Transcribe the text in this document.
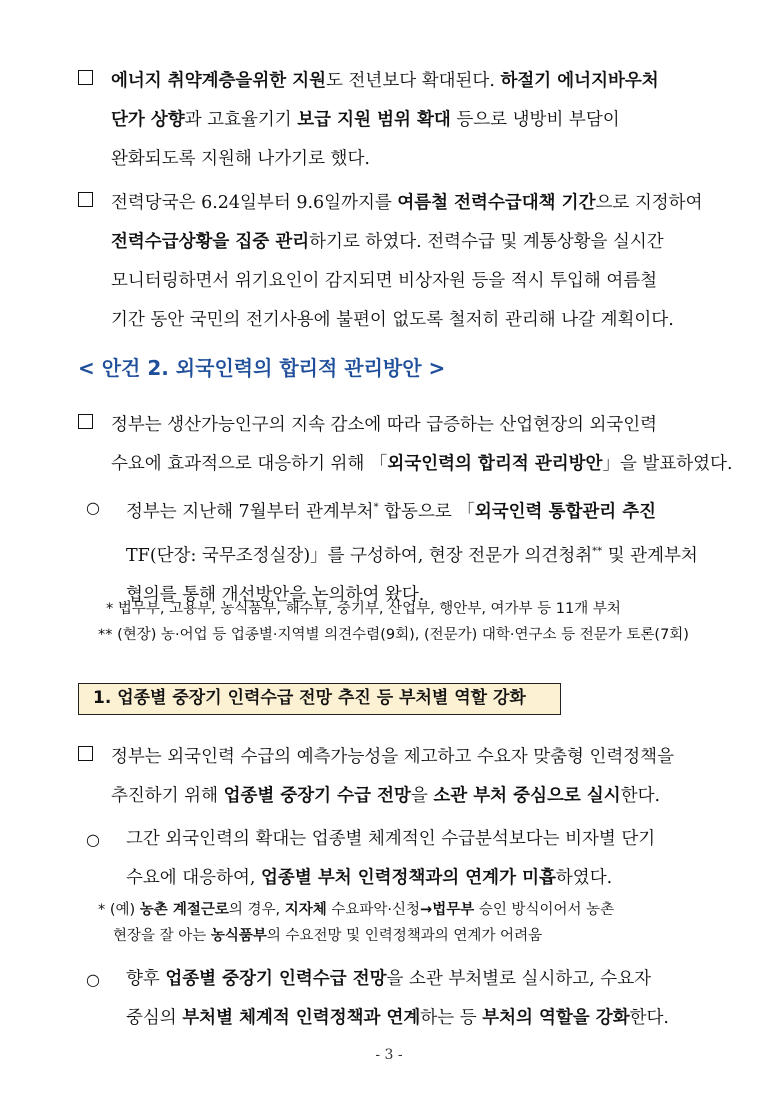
에너지 취약계층을위한 지원도 전년보다 확대된다. 하절기 에너지바우처
단가 상향과 고효율기기 보급 지원 범위 확대 등으로 냉방비 부담이
완화되도록 지원해 나가기로 했다.
전력당국은 6.24일부터 9.6일까지를 여름철 전력수급대책 기간으로 지정하여
전력수급상황을 집중 관리하기로 하였다. 전력수급 및 계통상황을 실시간
모니터링하면서 위기요인이 감지되면 비상자원 등을 적시 투입해 여름철
기간 동안 국민의 전기사용에 불편이 없도록 철저히 관리해 나갈 계획이다.
< 안건 2. 외국인력의 합리적 관리방안 >
정부는 생산가능인구의 지속 감소에 따라 급증하는 산업현장의 외국인력
수요에 효과적으로 대응하기 위해 「외국인력의 합리적 관리방안」을 발표하였다.
○ 정부는 지난해 7월부터 관계부처* 합동으로 「외국인력 통합관리 추진
TF(단장: 국무조정실장)」를 구성하여, 현장 전문가 의견청취** 및 관계부처
협의를 통해 개선방안을 논의하여 왔다.
* 법무부, 고용부, 농식품부, 해수부, 중기부, 산업부, 행안부, 여가부 등 11개 부처
** (현장) 농·어업 등 업종별·지역별 의견수렴(9회), (전문가) 대학·연구소 등 전문가 토론(7회)
1. 업종별 중장기 인력수급 전망 추진 등 부처별 역할 강화
정부는 외국인력 수급의 예측가능성을 제고하고 수요자 맞춤형 인력정책을
추진하기 위해 업종별 중장기 수급 전망을 소관 부처 중심으로 실시한다.
○ 그간 외국인력의 확대는 업종별 체계적인 수급분석보다는 비자별 단기
수요에 대응하여, 업종별 부처 인력정책과의 연계가 미흡하였다.
* (예) 농촌 계절근로의 경우, 지자체 수요파악·신청→법무부 승인 방식이어서 농촌
현장을 잘 아는 농식품부의 수요전망 및 인력정책과의 연계가 어려움
○ 향후 업종별 중장기 인력수급 전망을 소관 부처별로 실시하고, 수요자
중심의 부처별 체계적 인력정책과 연계하는 등 부처의 역할을 강화한다.
- 3 -
